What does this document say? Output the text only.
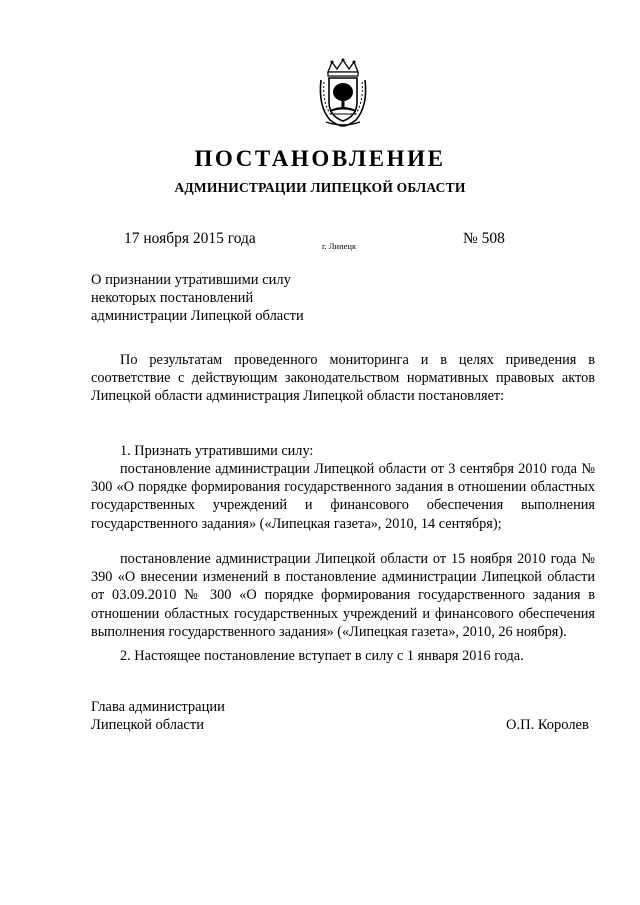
ПОСТАНОВЛЕНИЕ
АДМИНИСТРАЦИИ ЛИПЕЦКОЙ ОБЛАСТИ
17 ноября 2015 года	г. Липецк	№ 508
О признании утратившими силу
некоторых постановлений
администрации Липецкой области

По результатам проведенного мониторинга и в целях приведения в соответствие с действующим законодательством нормативных правовых актов Липецкой области администрация Липецкой области постановляет:

1. Признать утратившими силу:

постановление администрации Липецкой области от 3 сентября 2010 года № 300 «О порядке формирования государственного задания в отношении областных государственных учреждений и финансового обеспечения выполнения государственного задания» («Липецкая газета», 2010, 14 сентября);

постановление администрации Липецкой области от 15 ноября 2010 года № 390 «О внесении изменений в постановление администрации Липецкой области от 03.09.2010 № 300 «О порядке формирования государственного задания в отношении областных государственных учреждений и финансового обеспечения выполнения государственного задания» («Липецкая газета», 2010, 26 ноября).

2. Настоящее постановление вступает в силу с 1 января 2016 года.

Глава администрации
Липецкой области	О.П. Королев
